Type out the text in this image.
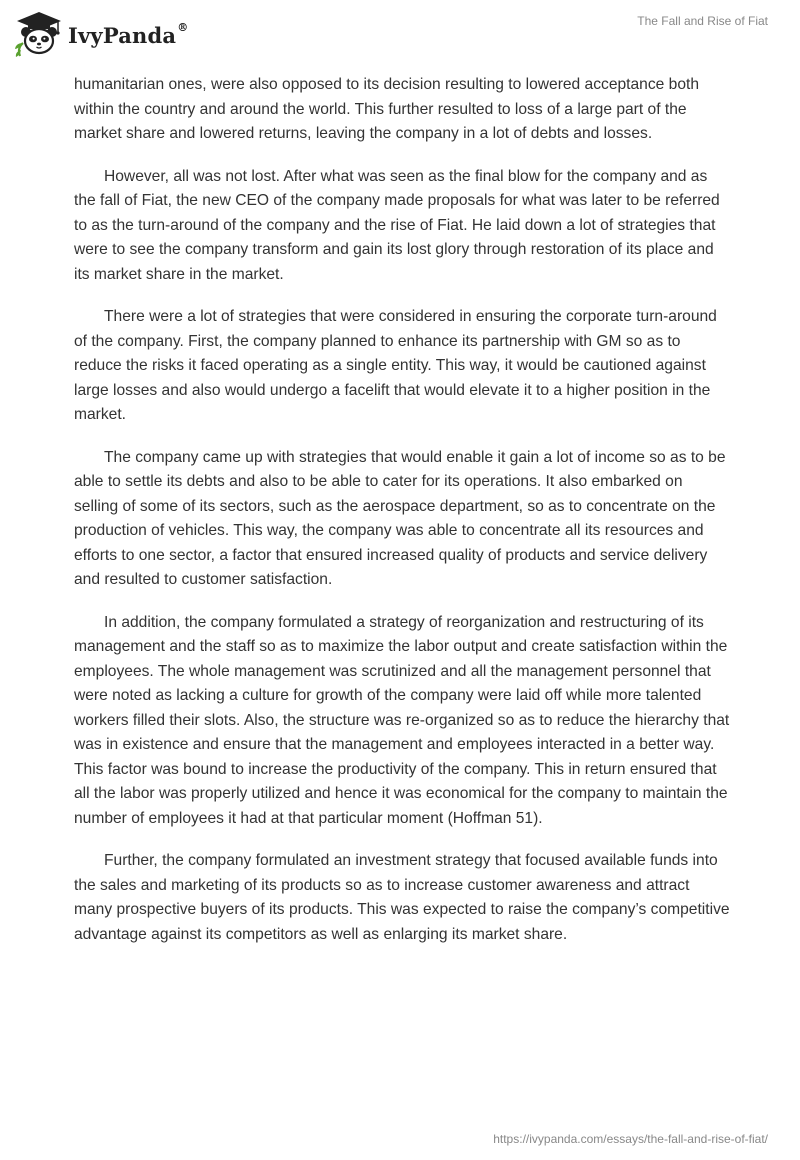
IvyPanda®	The Fall and Rise of Fiat

humanitarian ones, were also opposed to its decision resulting to lowered acceptance both within the country and around the world. This further resulted to loss of a large part of the market share and lowered returns, leaving the company in a lot of debts and losses.

However, all was not lost. After what was seen as the final blow for the company and as the fall of Fiat, the new CEO of the company made proposals for what was later to be referred to as the turn-around of the company and the rise of Fiat. He laid down a lot of strategies that were to see the company transform and gain its lost glory through restoration of its place and its market share in the market.

There were a lot of strategies that were considered in ensuring the corporate turn-around of the company. First, the company planned to enhance its partnership with GM so as to reduce the risks it faced operating as a single entity. This way, it would be cautioned against large losses and also would undergo a facelift that would elevate it to a higher position in the market.

The company came up with strategies that would enable it gain a lot of income so as to be able to settle its debts and also to be able to cater for its operations. It also embarked on selling of some of its sectors, such as the aerospace department, so as to concentrate on the production of vehicles. This way, the company was able to concentrate all its resources and efforts to one sector, a factor that ensured increased quality of products and service delivery and resulted to customer satisfaction.

In addition, the company formulated a strategy of reorganization and restructuring of its management and the staff so as to maximize the labor output and create satisfaction within the employees. The whole management was scrutinized and all the management personnel that were noted as lacking a culture for growth of the company were laid off while more talented workers filled their slots. Also, the structure was re-organized so as to reduce the hierarchy that was in existence and ensure that the management and employees interacted in a better way. This factor was bound to increase the productivity of the company. This in return ensured that all the labor was properly utilized and hence it was economical for the company to maintain the number of employees it had at that particular moment (Hoffman 51).

Further, the company formulated an investment strategy that focused available funds into the sales and marketing of its products so as to increase customer awareness and attract many prospective buyers of its products. This was expected to raise the company’s competitive advantage against its competitors as well as enlarging its market share.

https://ivypanda.com/essays/the-fall-and-rise-of-fiat/
